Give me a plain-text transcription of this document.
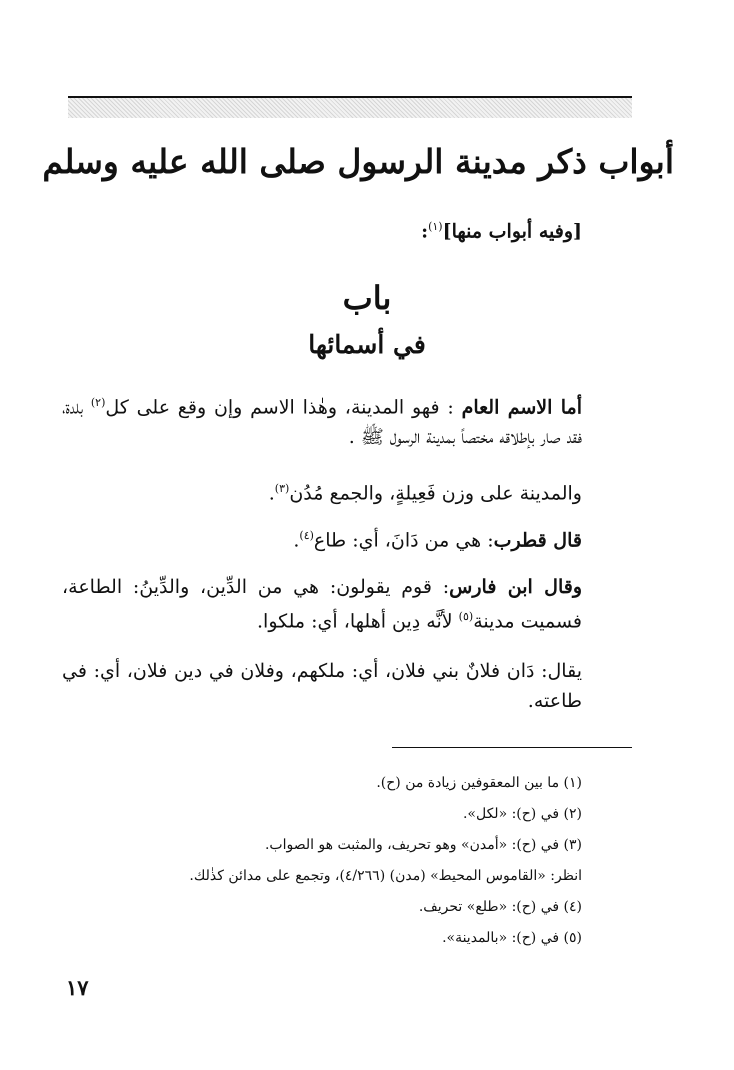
أبواب ذكر مدينة الرسول صلى الله عليه وسلم
[وفيه أبواب منها]$^{(١)}$:
باب
في أسمائها

أما الاسم العام : فهو المدينة، وهٰذا الاسم وإن وقع على كل$^{(٢)}$ بلدة، فقد صار بإطلاقه مختصاً بمدينة الرسول ﷺ .

والمدينة على وزن فَعِيلةٍ، والجمع مُدُن$^{(٣)}$.

قال قطرب: هي من دَانَ، أي: طاع$^{(٤)}$.

وقال ابن فارس: قوم يقولون: هي من الدِّين، والدِّينُ: الطاعة، فسميت مدينة$^{(٥)}$ لأنَّه دِين أهلها، أي: ملكوا.

يقال: دَان فلانٌ بني فلان، أي: ملكهم، وفلان في دين فلان، أي: في طاعته.

(١) ما بين المعقوفين زيادة من (ح).
(٢) في (ح): «لكل».
(٣) في (ح): «أمدن» وهو تحريف، والمثبت هو الصواب.
انظر: «القاموس المحيط» (مدن) (٤/٢٦٦)، وتجمع على مدائن كذٰلك.
(٤) في (ح): «طلع» تحريف.
(٥) في (ح): «بالمدينة».
١٧
